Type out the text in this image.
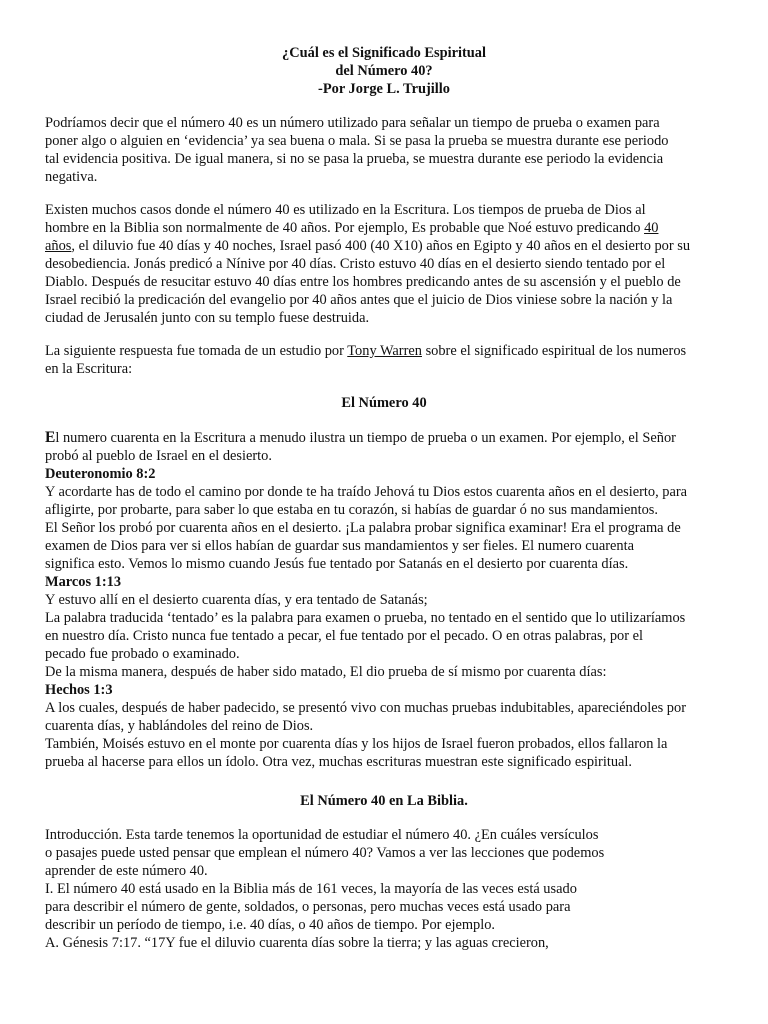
¿Cuál es el Significado Espiritual
del Número 40?
-Por Jorge L. Trujillo
Podríamos decir que el número 40 es un número utilizado para señalar un tiempo de prueba o examen para
poner algo o alguien en ‘evidencia’ ya sea buena o mala. Si se pasa la prueba se muestra durante ese periodo
tal evidencia positiva. De igual manera, si no se pasa la prueba, se muestra durante ese periodo la evidencia
negativa.
Existen muchos casos donde el número 40 es utilizado en la Escritura. Los tiempos de prueba de Dios al
hombre en la Biblia son normalmente de 40 años. Por ejemplo, Es probable que Noé estuvo predicando 40
años, el diluvio fue 40 días y 40 noches, Israel pasó 400 (40 X10) años en Egipto y 40 años en el desierto por su
desobediencia. Jonás predicó a Nínive por 40 días. Cristo estuvo 40 días en el desierto siendo tentado por el
Diablo. Después de resucitar estuvo 40 días entre los hombres predicando antes de su ascensión y el pueblo de
Israel recibió la predicación del evangelio por 40 años antes que el juicio de Dios viniese sobre la nación y la
ciudad de Jerusalén junto con su templo fuese destruida.
La siguiente respuesta fue tomada de un estudio por Tony Warren sobre el significado espiritual de los numeros
en la Escritura:
El Número 40
El numero cuarenta en la Escritura a menudo ilustra un tiempo de prueba o un examen. Por ejemplo, el Señor
probó al pueblo de Israel en el desierto.
Deuteronomio 8:2
Y acordarte has de todo el camino por donde te ha traído Jehová tu Dios estos cuarenta años en el desierto, para
afligirte, por probarte, para saber lo que estaba en tu corazón, si habías de guardar ó no sus mandamientos.
El Señor los probó por cuarenta años en el desierto. ¡La palabra probar significa examinar! Era el programa de
examen de Dios para ver si ellos habían de guardar sus mandamientos y ser fieles. El numero cuarenta
significa esto. Vemos lo mismo cuando Jesús fue tentado por Satanás en el desierto por cuarenta días.
Marcos 1:13
Y estuvo allí en el desierto cuarenta días, y era tentado de Satanás;
La palabra traducida ‘tentado’ es la palabra para examen o prueba, no tentado en el sentido que lo utilizaríamos
en nuestro día. Cristo nunca fue tentado a pecar, el fue tentado por el pecado. O en otras palabras, por el
pecado fue probado o examinado.
De la misma manera, después de haber sido matado, El dio prueba de sí mismo por cuarenta días:
Hechos 1:3
A los cuales, después de haber padecido, se presentó vivo con muchas pruebas indubitables, apareciéndoles por
cuarenta días, y hablándoles del reino de Dios.
También, Moisés estuvo en el monte por cuarenta días y los hijos de Israel fueron probados, ellos fallaron la
prueba al hacerse para ellos un ídolo. Otra vez, muchas escrituras muestran este significado espiritual.
El Número 40 en La Biblia.
Introducción. Esta tarde tenemos la oportunidad de estudiar el número 40. ¿En cuáles versículos
o pasajes puede usted pensar que emplean el número 40? Vamos a ver las lecciones que podemos
aprender de este número 40.
I. El número 40 está usado en la Biblia más de 161 veces, la mayoría de las veces está usado
para describir el número de gente, soldados, o personas, pero muchas veces está usado para
describir un período de tiempo, i.e. 40 días, o 40 años de tiempo. Por ejemplo.
A. Génesis 7:17. “17Y fue el diluvio cuarenta días sobre la tierra; y las aguas crecieron,
